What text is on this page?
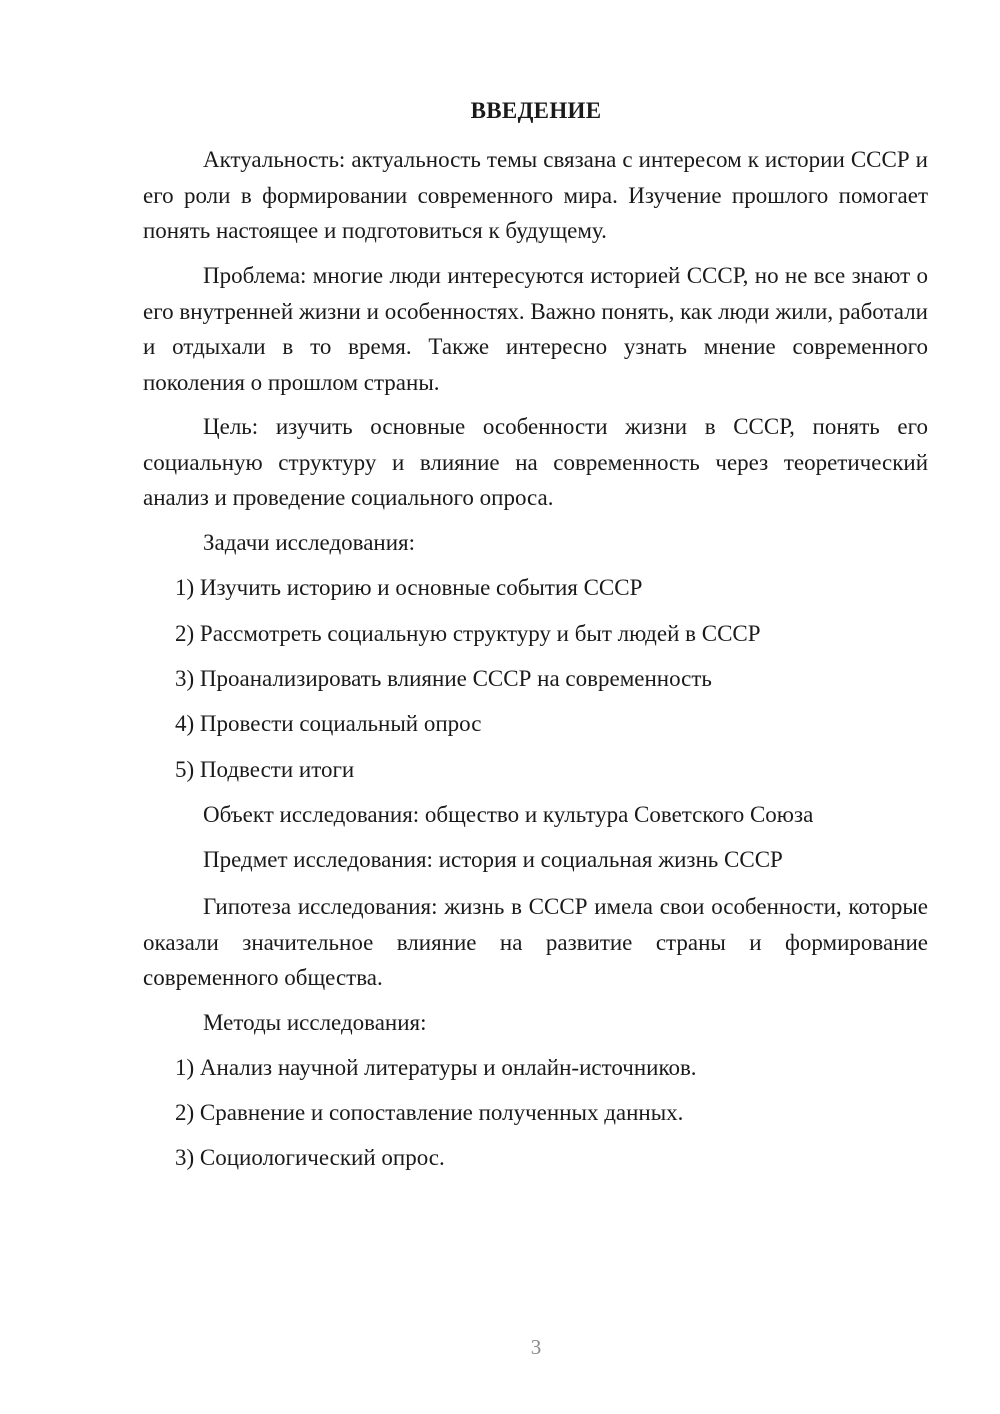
ВВЕДЕНИЕ
Актуальность: актуальность темы связана с интересом к истории СССР и его роли в формировании современного мира. Изучение прошлого помогает понять настоящее и подготовиться к будущему.
Проблема: многие люди интересуются историей СССР, но не все знают о его внутренней жизни и особенностях. Важно понять, как люди жили, работали и отдыхали в то время. Также интересно узнать мнение современного поколения о прошлом страны.
Цель: изучить основные особенности жизни в СССР, понять его социальную структуру и влияние на современность через теоретический анализ и проведение социального опроса.
Задачи исследования:
1) Изучить историю и основные события СССР
2) Рассмотреть социальную структуру и быт людей в СССР
3) Проанализировать влияние СССР на современность
4) Провести социальный опрос
5) Подвести итоги
Объект исследования: общество и культура Советского Союза
Предмет исследования: история и социальная жизнь СССР
Гипотеза исследования: жизнь в СССР имела свои особенности, которые оказали значительное влияние на развитие страны и формирование современного общества.
Методы исследования:
1) Анализ научной литературы и онлайн-источников.
2) Сравнение и сопоставление полученных данных.
3) Социологический опрос.
3
